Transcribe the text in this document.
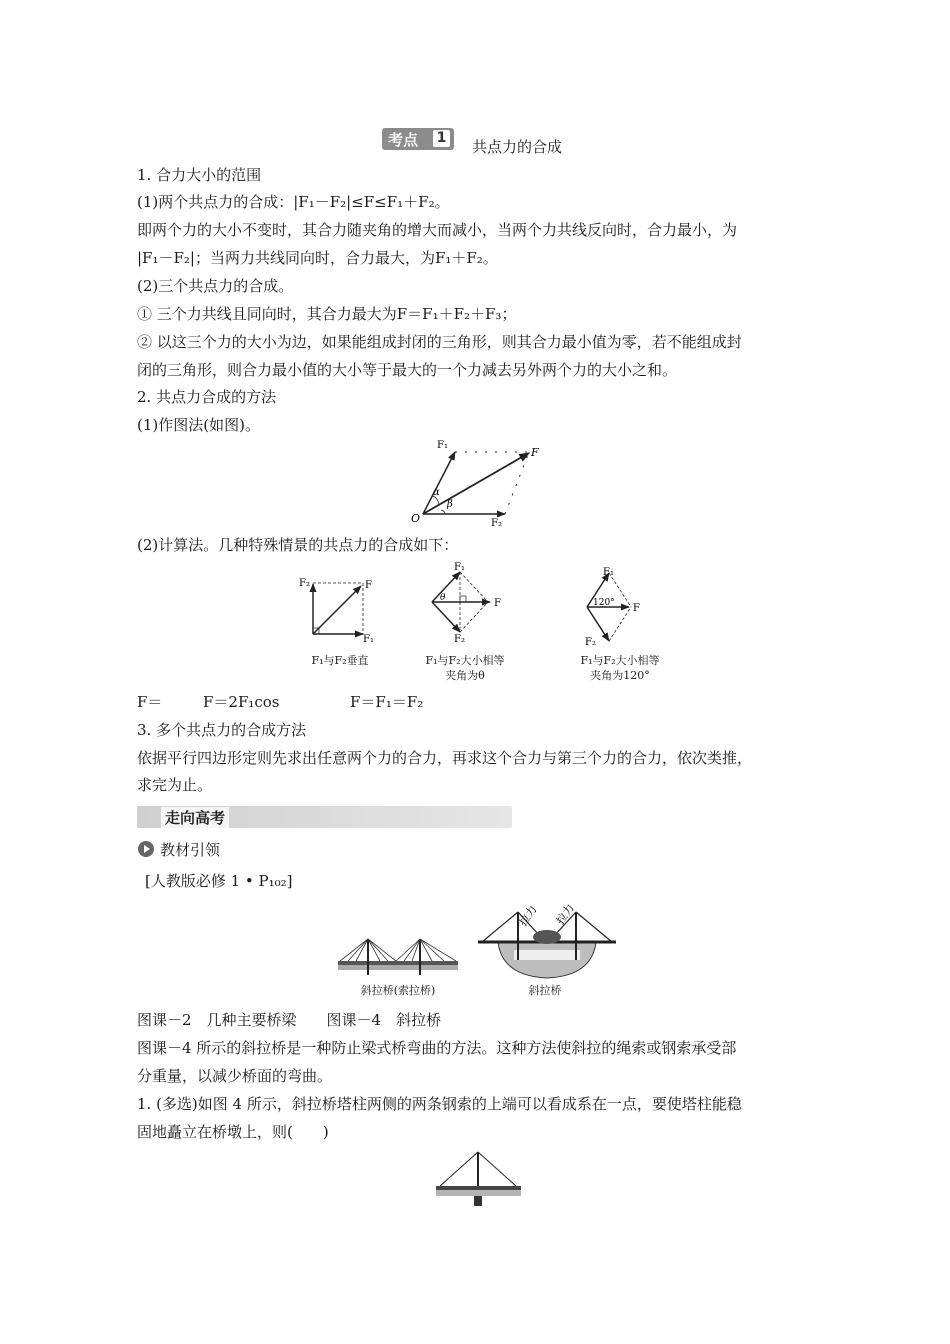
考点 1 共点力的合成
1. 合力大小的范围
(1)两个共点力的合成：|F₁－F₂|≤F≤F₁＋F₂。
即两个力的大小不变时，其合力随夹角的增大而减小，当两个力共线反向时，合力最小，为
|F₁－F₂|；当两力共线同向时，合力最大，为F₁＋F₂。
(2)三个共点力的合成。
① 三个力共线且同向时，其合力最大为F＝F₁＋F₂＋F₃；
② 以这三个力的大小为边，如果能组成封闭的三角形，则其合力最小值为零，若不能组成封
闭的三角形，则合力最小值的大小等于最大的一个力减去另外两个力的大小之和。
2. 共点力合成的方法
(1)作图法(如图)。
F₁
F
F₂
O
α
β
(2)计算法。几种特殊情景的共点力的合成如下：
F₂	F
F₁
F₁与F₂垂直
F₁
F
F₂
θ
F₁与F₂大小相等
夹角为θ
F₁
F
F₂
120°
F₁与F₂大小相等
夹角为120°
F＝	F＝2F₁cos	F＝F₁＝F₂
3. 多个共点力的合成方法
依据平行四边形定则先求出任意两个力的合力，再求这个合力与第三个力的合力，依次类推，
求完为止。
走向高考
教材引领
[人教版必修 1 • P₁₀₂]
斜拉桥(索拉桥)
拉力 拉力
斜拉桥
图课－2　几种主要桥梁　　图课－4　斜拉桥
图课－4 所示的斜拉桥是一种防止梁式桥弯曲的方法。这种方法使斜拉的绳索或钢索承受部
分重量，以减少桥面的弯曲。
1. (多选)如图 4 所示，斜拉桥塔柱两侧的两条钢索的上端可以看成系在一点，要使塔柱能稳
固地矗立在桥墩上，则(　　)
